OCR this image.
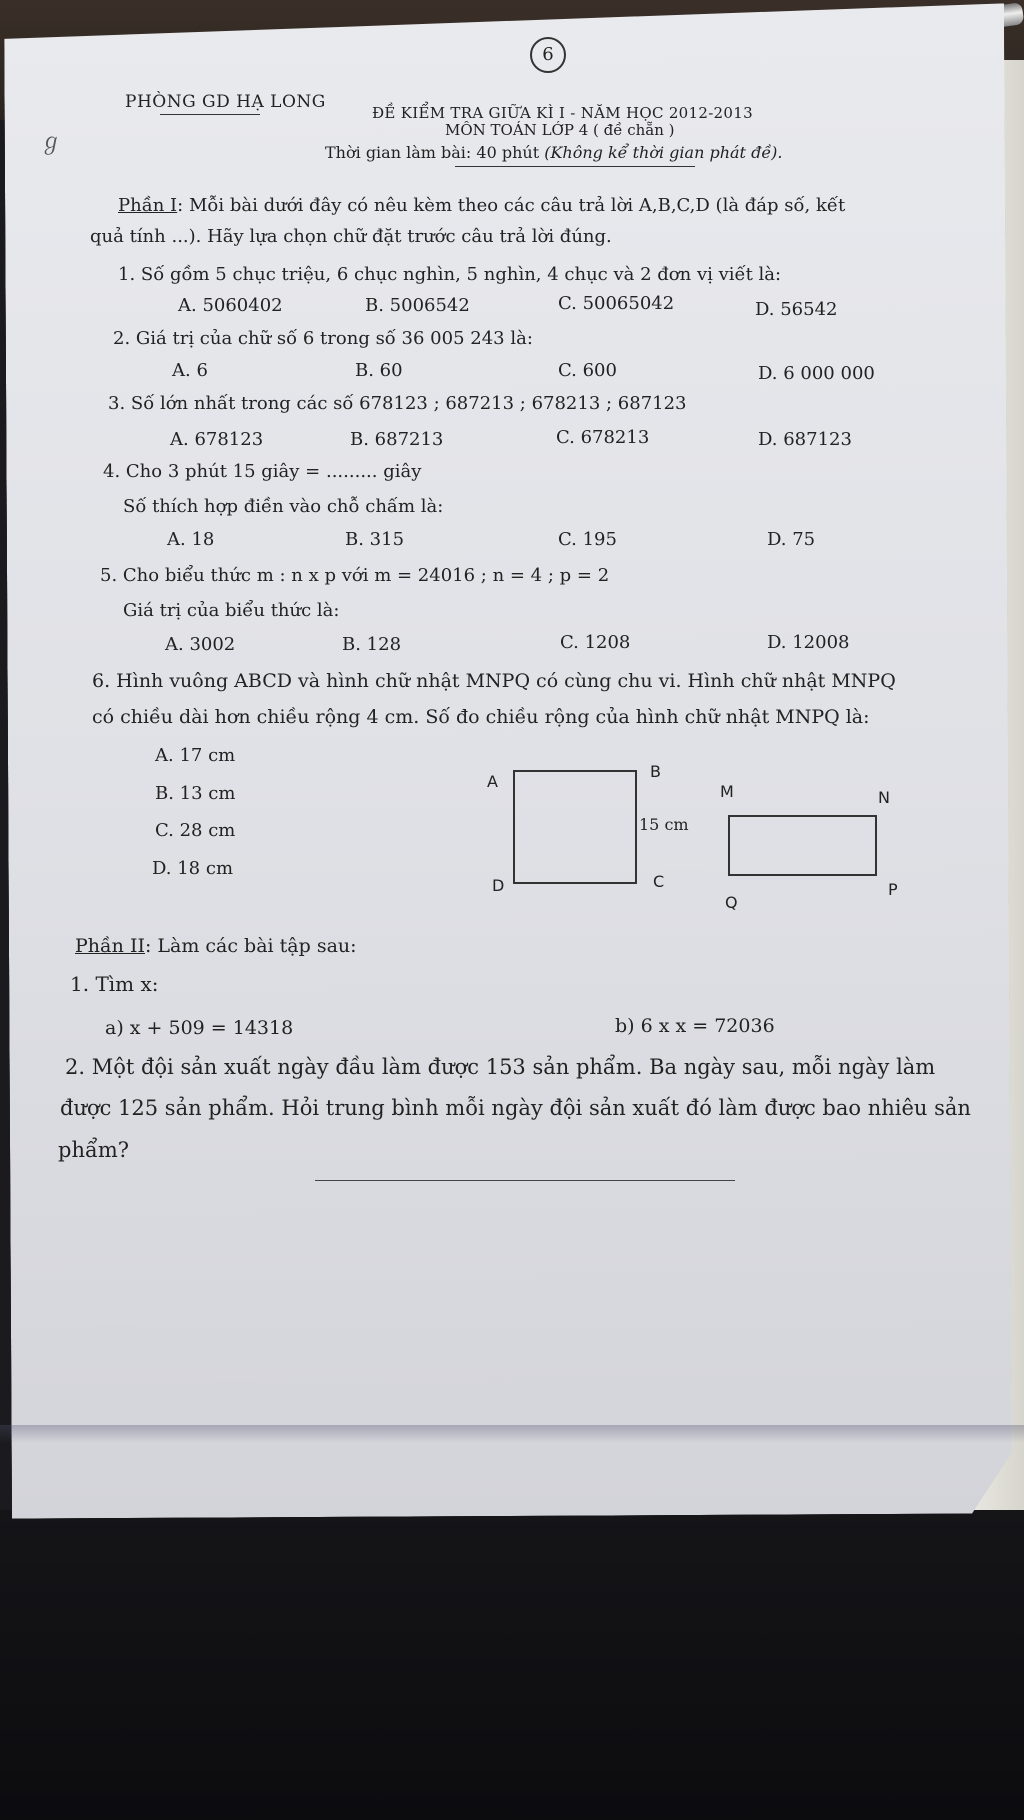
ℊ
6
PHÒNG GD HẠ LONG
ĐỀ KIỂM TRA GIỮA KÌ I - NĂM HỌC 2012-2013
MÔN TOÁN LỚP 4 ( đề chẵn )
Thời gian làm bài: 40 phút (Không kể thời gian phát đề).
Phần I: Mỗi bài dưới đây có nêu kèm theo các câu trả lời A,B,C,D (là đáp số, kết
quả tính ...). Hãy lựa chọn chữ đặt trước câu trả lời đúng.
1. Số gồm 5 chục triệu, 6 chục nghìn, 5 nghìn, 4 chục và 2 đơn vị viết là:
A. 5060402	B. 5006542	C. 50065042	D. 56542
2. Giá trị của chữ số 6 trong số 36 005 243 là:
A. 6	B. 60	C. 600	D. 6 000 000
3. Số lớn nhất trong các số 678123 ; 687213 ; 678213 ; 687123
A. 678123	B. 687213	C. 678213	D. 687123
4. Cho 3 phút 15 giây = ......... giây
Số thích hợp điền vào chỗ chấm là:
A. 18	B. 315	C. 195	D. 75
5. Cho biểu thức m : n x p với m = 24016 ; n = 4 ; p = 2
Giá trị của biểu thức là:
A. 3002	B. 128	C. 1208	D. 12008
6. Hình vuông ABCD và hình chữ nhật MNPQ có cùng chu vi. Hình chữ nhật MNPQ
có chiều dài hơn chiều rộng 4 cm. Số đo chiều rộng của hình chữ nhật MNPQ là:
A. 17 cm
B. 13 cm
C. 28 cm
D. 18 cm
A
B
C
D
15 cm
M	N
P
Q
Phần II: Làm các bài tập sau:
1. Tìm x:
a) x + 509 = 14318	b) 6 x x = 72036
2. Một đội sản xuất ngày đầu làm được 153 sản phẩm. Ba ngày sau, mỗi ngày làm
được 125 sản phẩm. Hỏi trung bình mỗi ngày đội sản xuất đó làm được bao nhiêu sản
phẩm?
